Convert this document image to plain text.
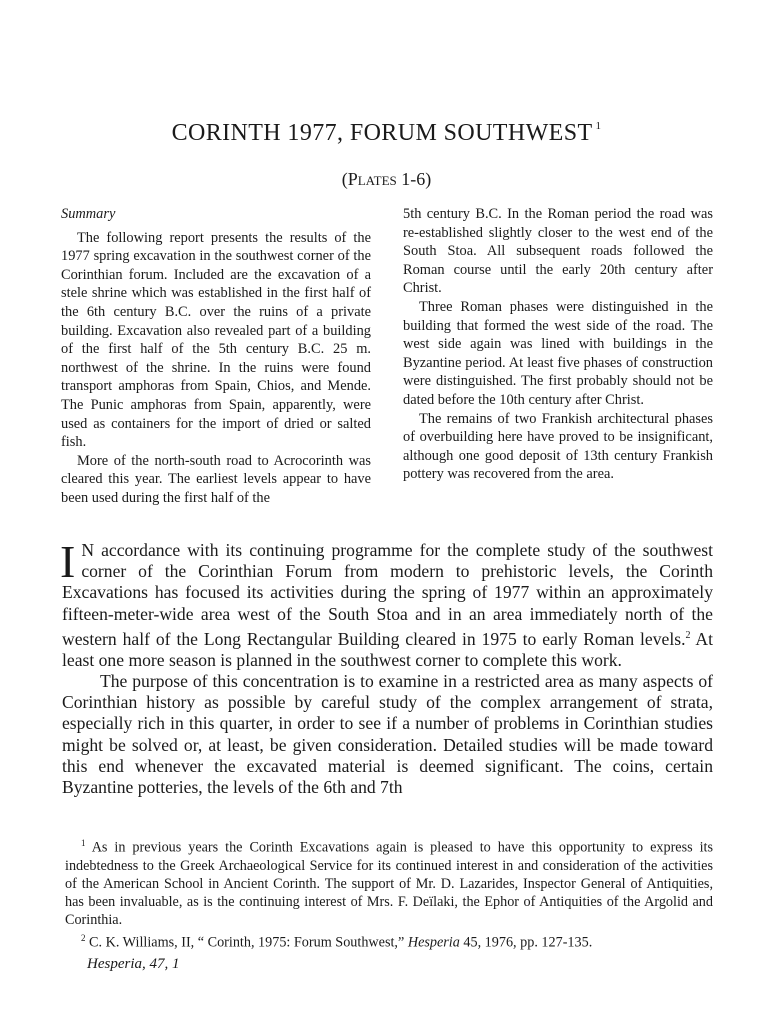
CORINTH 1977, FORUM SOUTHWEST $^1$
(Plates 1-6)
Summary

The following report presents the results of the 1977 spring excavation in the southwest corner of the Corinthian forum. Included are the excavation of a stele shrine which was established in the first half of the 6th century B.C. over the ruins of a private building. Excavation also revealed part of a building of the first half of the 5th century B.C. 25 m. northwest of the shrine. In the ruins were found transport amphoras from Spain, Chios, and Mende. The Punic amphoras from Spain, apparently, were used as containers for the import of dried or salted fish.

More of the north-south road to Acrocorinth was cleared this year. The earliest levels appear to have been used during the first half of the

5th century B.C. In the Roman period the road was re-established slightly closer to the west end of the South Stoa. All subsequent roads followed the Roman course until the early 20th century after Christ.

Three Roman phases were distinguished in the building that formed the west side of the road. The west side again was lined with buildings in the Byzantine period. At least five phases of construction were distinguished. The first probably should not be dated before the 10th century after Christ.

The remains of two Frankish architectural phases of overbuilding here have proved to be insignificant, although one good deposit of 13th century Frankish pottery was recovered from the area.

I N accordance with its continuing programme for the complete study of the southwest corner of the Corinthian Forum from modern to prehistoric levels, the Corinth Excavations has focused its activities during the spring of 1977 within an approximately fifteen-meter-wide area west of the South Stoa and in an area immediately north of the western half of the Long Rectangular Building cleared in 1975 to early Roman levels.$^2$ At least one more season is planned in the southwest corner to complete this work.

The purpose of this concentration is to examine in a restricted area as many aspects of Corinthian history as possible by careful study of the complex arrangement of strata, especially rich in this quarter, in order to see if a number of problems in Corinthian studies might be solved or, at least, be given consideration. Detailed studies will be made toward this end whenever the excavated material is deemed significant. The coins, certain Byzantine potteries, the levels of the 6th and 7th

$^1$ As in previous years the Corinth Excavations again is pleased to have this opportunity to express its indebtedness to the Greek Archaeological Service for its continued interest in and consideration of the activities of the American School in Ancient Corinth. The support of Mr. D. Lazarides, Inspector General of Antiquities, has been invaluable, as is the continuing interest of Mrs. F. Deïlaki, the Ephor of Antiquities of the Argolid and Corinthia.

$^2$ C. K. Williams, II, “ Corinth, 1975: Forum Southwest,” Hesperia 45, 1976, pp. 127-135.

Hesperia, 47, 1
